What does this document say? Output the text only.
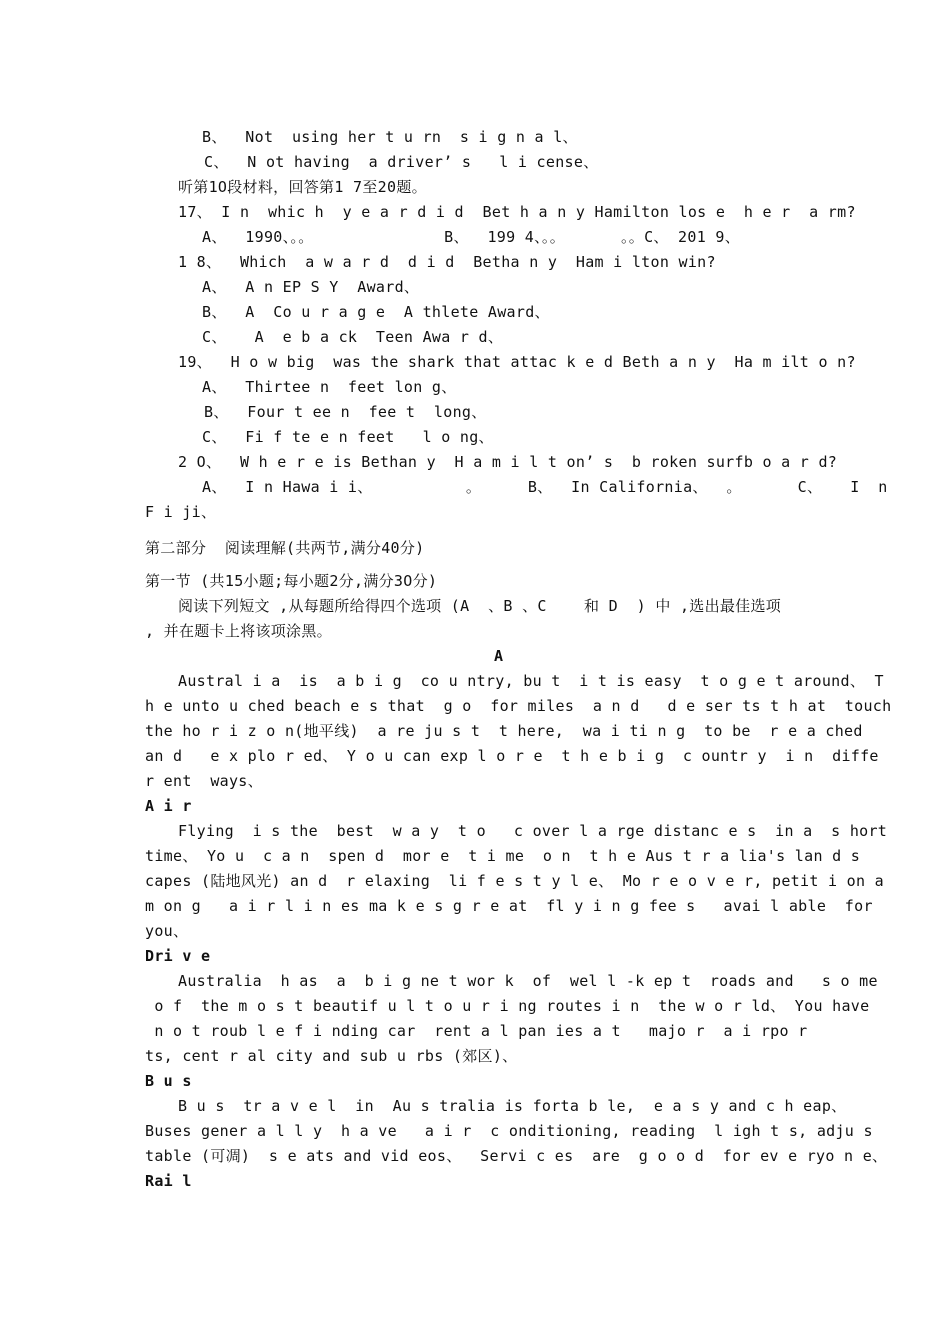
B、  Not  using her t u rn  s i g n a l、
C、  N ot having  a driver’ s   l i cense、
听第1O段材料，回答第1 7至20题。
17、 I n  whic h  y e a r d i d  Bet h a n y Hamilton los e  h e r  a rm?
A、  1990、。。              B、  199 4、。。      。。C、 201 9、
1 8、  Which  a w a r d  d i d  Betha n y  Ham i lton win?
A、  A n EP S Y  Award、
B、  A  Co u r a g e  A thlete Award、
C、   A  e b a ck  Teen Awa r d、
19、  H o w big  was the shark that attac k e d Beth a n y  Ha m ilt o n?
A、  Thirtee n  feet lon g、
B、  Four t ee n  fee t  long、
C、  Fi f te e n feet   l o ng、
2 O、  W h e r e is Bethan y  H a m i l t on’ s  b roken surfb o a r d?
A、  I n Hawa i i、          。     B、  In California、  。      C、   I  n
F i ji、
第二部分  阅读理解(共两节,满分40分)
第一节 (共15小题;每小题2分,满分3O分)
阅读下列短文 ,从每题所给得四个选项 (A  、B 、C    和 D  ) 中 ,选出最佳选项
, 并在题卡上将该项涂黑。
A
Austral i a  is  a b i g  co u ntry, bu t  i t is easy  t o g e t around、 T
h e unto u ched beach e s that  g o  for miles  a n d   d e ser ts t h at  touch
the ho r i z o n(地平线)  a re ju s t  t here,  wa i ti n g  to be  r e a ched
an d   e x plo r ed、 Y o u can exp l o r e  t h e b i g  c ountr y  i n  diffe
r ent  ways、
A i r
Flying  i s the  best  w a y  t o   c over l a rge distanc e s  in a  s hort
time、 Yo u  c a n  spen d  mor e  t i me  o n  t h e Aus t r a lia's lan d s
capes (陆地风光) an d  r elaxing  li f e s t y l e、 Mo r e o v e r, petit i on a
m on g   a i r l i n es ma k e s g r e at  fl y i n g fee s   avai l able  for
you、
Dri v e
Australia  h as  a  b i g ne t wor k  of  wel l -k ep t  roads and   s o me
o f  the m o s t beautif u l t o u r i ng routes i n  the w o r ld、 You have
n o t roub l e f i nding car  rent a l pan ies a t   majo r  a i rpo r
ts, cent r al city and sub u rbs (郊区)、
B u s
B u s  tr a v e l  in  Au s tralia is forta b le,  e a s y and c h eap、
Buses gener a l l y  h a ve   a i r  c onditioning, reading  l igh t s, adju s
table (可凋)  s e ats and vid eos、  Servi c es  are  g o o d  for ev e ryo n e、
Rai l
